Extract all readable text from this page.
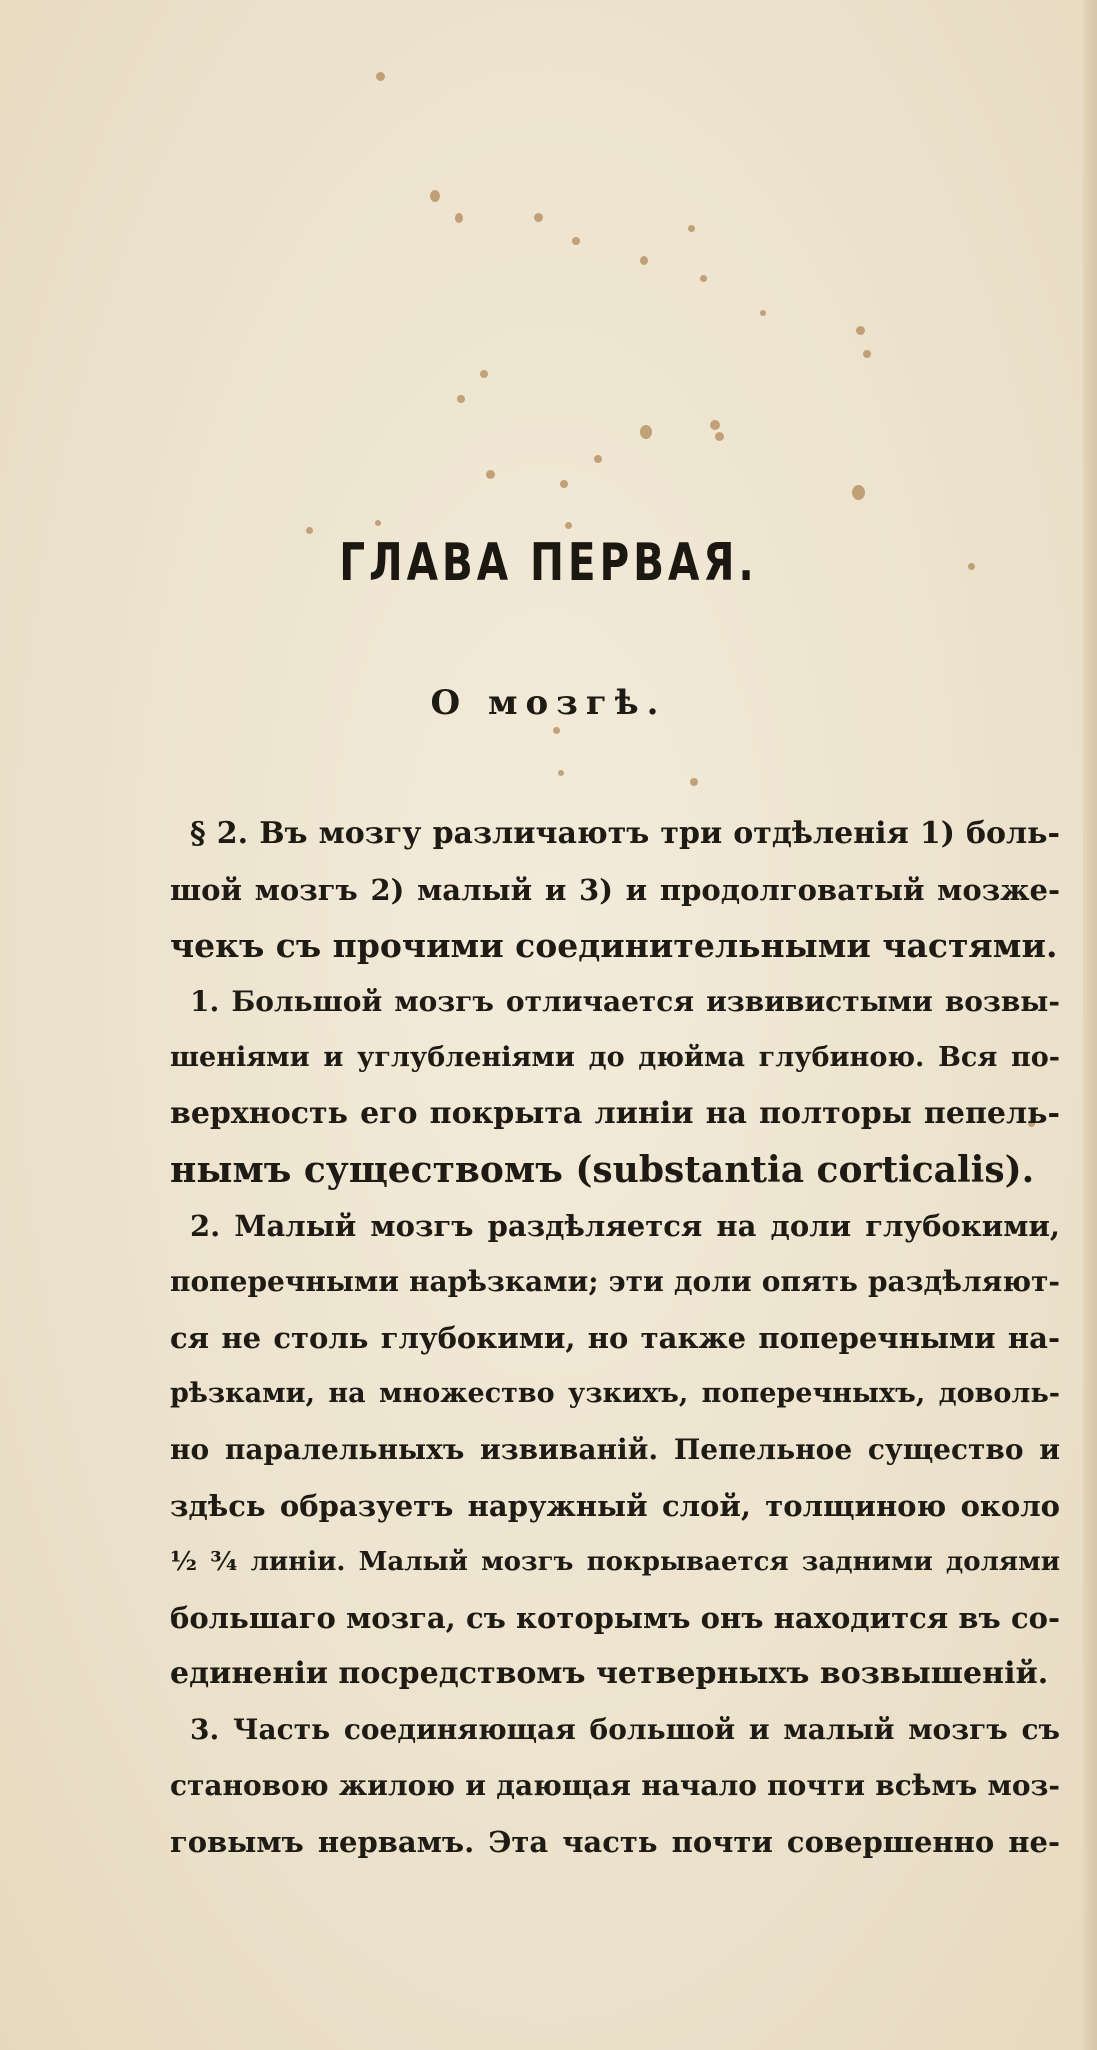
ГЛАВА ПЕРВАЯ.
О мозгѣ.
§ 2. Въ мозгу различаютъ три отдѣленія 1) боль-
шой мозгъ 2) малый и 3) и продолговатый мозже-
чекъ съ прочими соединительными частями.
1. Большой мозгъ отличается извивистыми возвы-
шеніями и углубленіями до дюйма глубиною. Вся по-
верхность его покрыта линіи на полторы пепель-
нымъ существомъ (substantia corticalis).
2. Малый мозгъ раздѣляется на доли глубокими,
поперечными нарѣзками; эти доли опять раздѣляют-
ся не столь глубокими, но также поперечными на-
рѣзками, на множество узкихъ, поперечныхъ, доволь-
но паралельныхъ извиваній. Пепельное существо и
здѣсь образуетъ наружный слой, толщиною около
½ ¾ линіи. Малый мозгъ покрывается задними долями
большаго мозга, съ которымъ онъ находится въ со-
единеніи посредствомъ четверныхъ возвышеній.
3. Часть соединяющая большой и малый мозгъ съ
становою жилою и дающая начало почти всѣмъ моз-
говымъ нервамъ. Эта часть почти совершенно не-
